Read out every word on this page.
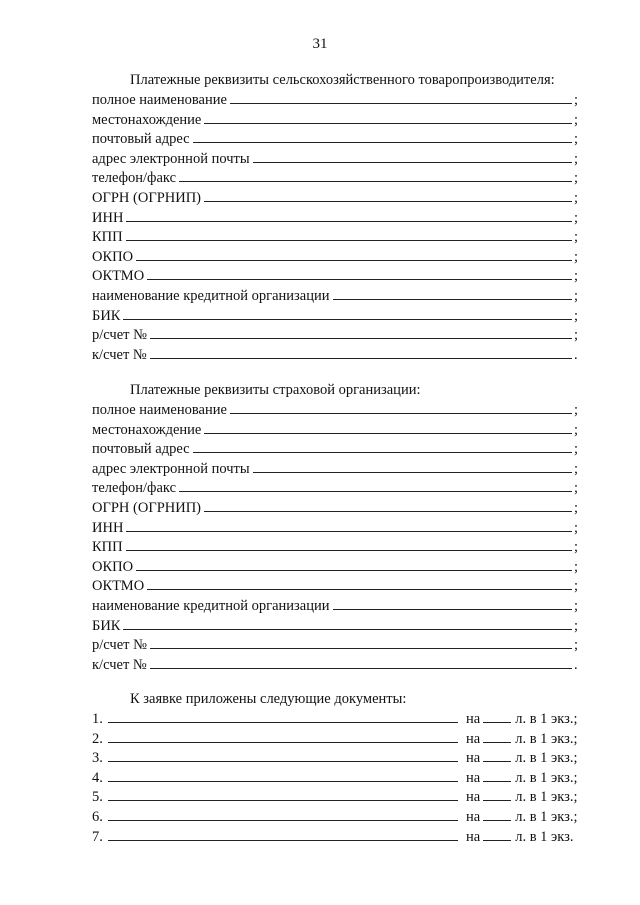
31
Платежные реквизиты сельскохозяйственного товаропроизводителя:
полное наименование	;
местонахождение	;
почтовый адрес	;
адрес электронной почты	;
телефон/факс	;
ОГРН (ОГРНИП)	;
ИНН	;
КПП	;
ОКПО	;
ОКТМО	;
наименование кредитной организации	;
БИК	;
р/счет №	;
к/счет №	.
Платежные реквизиты страховой организации:
полное наименование	;
местонахождение	;
почтовый адрес	;
адрес электронной почты	;
телефон/факс	;
ОГРН (ОГРНИП)	;
ИНН	;
КПП	;
ОКПО	;
ОКТМО	;
наименование кредитной организации	;
БИК	;
р/счет №	;
к/счет №	.
К заявке приложены следующие документы:
1.	на л. в 1 экз.;
2.	на л. в 1 экз.;
3.	на л. в 1 экз.;
4.	на л. в 1 экз.;
5.	на л. в 1 экз.;
6.	на л. в 1 экз.;
7.	на л. в 1 экз.
